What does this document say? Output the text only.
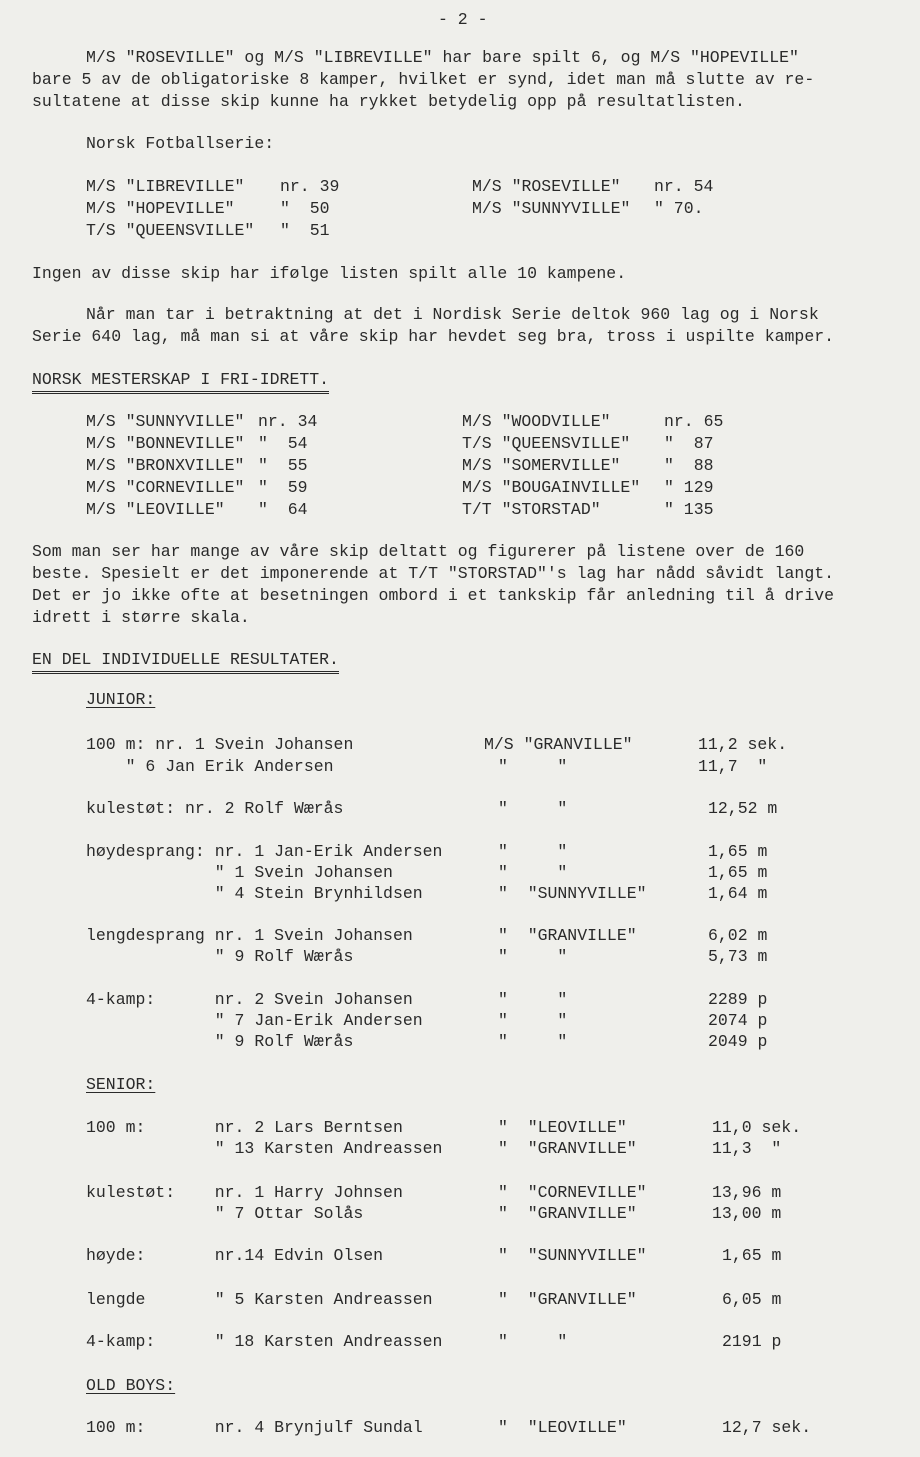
- 2 -
M/S "ROSEVILLE" og M/S "LIBREVILLE" har bare spilt 6, og M/S "HOPEVILLE"
bare 5 av de obligatoriske 8 kamper, hvilket er synd, idet man må slutte av re-
sultatene at disse skip kunne ha rykket betydelig opp på resultatlisten.
Norsk Fotballserie:
M/S "LIBREVILLE" nr. 39
M/S "HOPEVILLE"	"  50
T/S "QUEENSVILLE" "  51
M/S "ROSEVILLE" nr. 54
M/S "SUNNYVILLE" " 70.
Ingen av disse skip har ifølge listen spilt alle 10 kampene.
Når man tar i betraktning at det i Nordisk Serie deltok 960 lag og i Norsk
Serie 640 lag, må man si at våre skip har hevdet seg bra, tross i uspilte kamper.
NORSK MESTERSKAP I FRI-IDRETT.
M/S "SUNNYVILLE" nr. 34
M/S "BONNEVILLE" "  54
M/S "BRONXVILLE" "  55
M/S "CORNEVILLE" "  59
M/S "LEOVILLE" "  64
M/S "WOODVILLE"	nr. 65
T/S "QUEENSVILLE" "  87
M/S "SOMERVILLE"	"  88
M/S "BOUGAINVILLE" " 129
T/T "STORSTAD"	" 135
Som man ser har mange av våre skip deltatt og figurerer på listene over de 160
beste. Spesielt er det imponerende at T/T "STORSTAD"'s lag har nådd såvidt langt.
Det er jo ikke ofte at besetningen ombord i et tankskip får anledning til å drive
idrett i større skala.
EN DEL INDIVIDUELLE RESULTATER.
JUNIOR:
100 m: nr. 1 Svein Johansen	M/S "GRANVILLE"	11,2 sek.
" 6 Jan Erik Andersen	"     "	11,7  "
kulestøt: nr. 2 Rolf Wærås	"     "	12,52 m
høydesprang: nr. 1 Jan-Erik Andersen	"     "	1,65 m
" 1 Svein Johansen	"     "	1,65 m
" 4 Stein Brynhildsen	"  "SUNNYVILLE"	1,64 m
lengdesprang nr. 1 Svein Johansen	"  "GRANVILLE"	6,02 m
" 9 Rolf Wærås	"     "	5,73 m
4-kamp:      nr. 2 Svein Johansen	"     "	2289 p
" 7 Jan-Erik Andersen	"     "	2074 p
" 9 Rolf Wærås	"     "	2049 p
SENIOR:
100 m:       nr. 2 Lars Berntsen	"  "LEOVILLE"	11,0 sek.
" 13 Karsten Andreassen	"  "GRANVILLE"	11,3  "
kulestøt:    nr. 1 Harry Johnsen	"  "CORNEVILLE"	13,96 m
" 7 Ottar Solås	"  "GRANVILLE"	13,00 m
høyde:       nr.14 Edvin Olsen	"  "SUNNYVILLE"	1,65 m
lengde       " 5 Karsten Andreassen	"  "GRANVILLE"	6,05 m
4-kamp:      " 18 Karsten Andreassen	"     "	2191 p
OLD BOYS:
100 m:       nr. 4 Brynjulf Sundal	"  "LEOVILLE"	12,7 sek.
